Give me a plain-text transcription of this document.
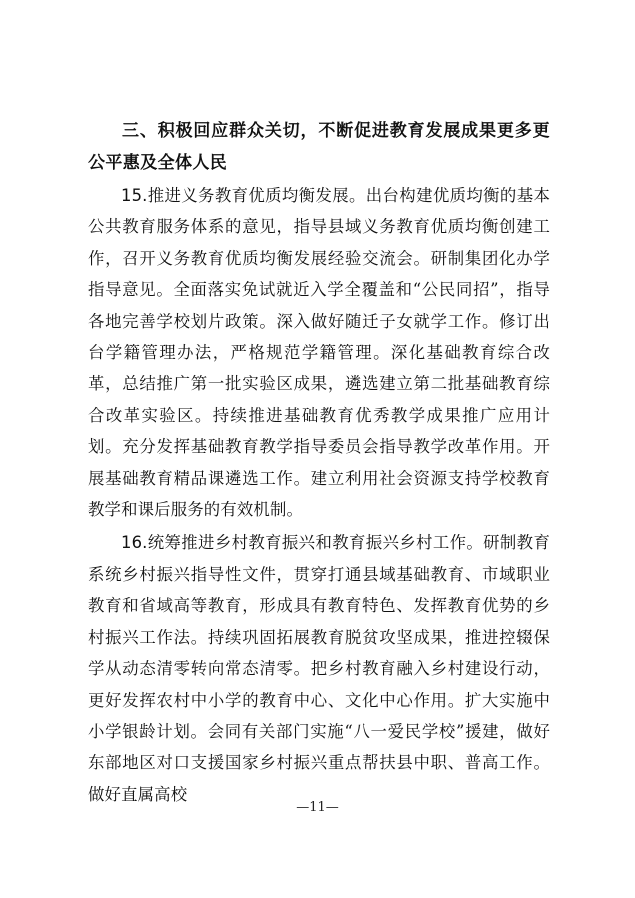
三、积极回应群众关切，不断促进教育发展成果更多更公平惠及全体人民

15.推进义务教育优质均衡发展。出台构建优质均衡的基本公共教育服务体系的意见，指导县域义务教育优质均衡创建工作，召开义务教育优质均衡发展经验交流会。研制集团化办学指导意见。全面落实免试就近入学全覆盖和“公民同招”，指导各地完善学校划片政策。深入做好随迁子女就学工作。修订出台学籍管理办法，严格规范学籍管理。深化基础教育综合改革，总结推广第一批实验区成果，遴选建立第二批基础教育综合改革实验区。持续推进基础教育优秀教学成果推广应用计划。充分发挥基础教育教学指导委员会指导教学改革作用。开展基础教育精品课遴选工作。建立利用社会资源支持学校教育教学和课后服务的有效机制。

16.统筹推进乡村教育振兴和教育振兴乡村工作。研制教育系统乡村振兴指导性文件，贯穿打通县域基础教育、市域职业教育和省域高等教育，形成具有教育特色、发挥教育优势的乡村振兴工作法。持续巩固拓展教育脱贫攻坚成果，推进控辍保学从动态清零转向常态清零。把乡村教育融入乡村建设行动，更好发挥农村中小学的教育中心、文化中心作用。扩大实施中小学银龄计划。会同有关部门实施“八一爱民学校”援建，做好东部地区对口支援国家乡村振兴重点帮扶县中职、普高工作。做好直属高校

—11—
